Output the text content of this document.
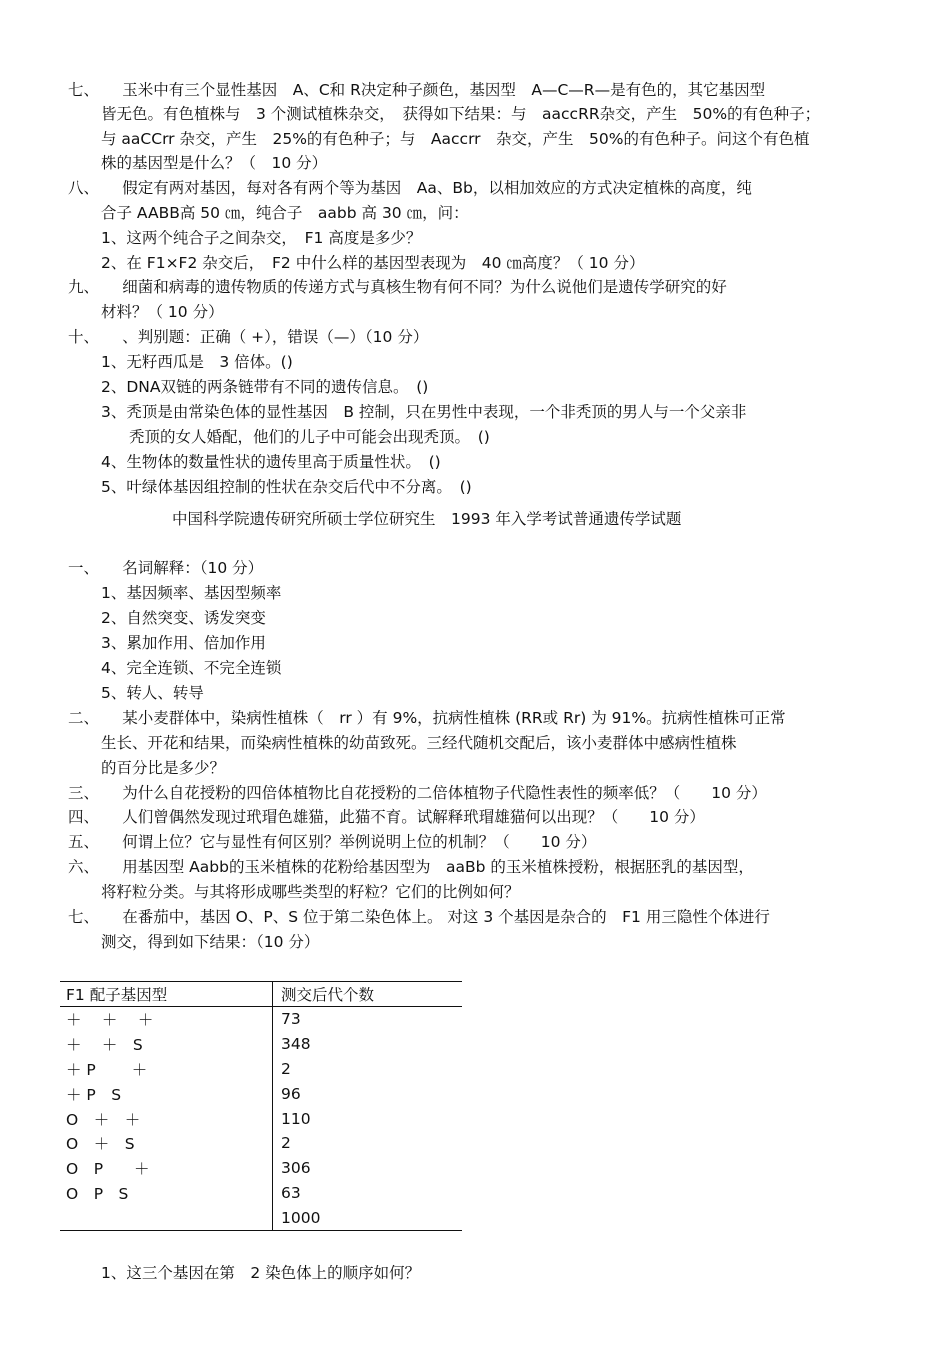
七、　　玉米中有三个显性基因　A、C和 R决定种子颜色，基因型　A—C—R—是有色的，其它基因型
皆无色。有色植株与　3 个测试植株杂交，　获得如下结果：与　aaccRR杂交，产生　50%的有色种子；
与 aaCCrr 杂交，产生　25%的有色种子；与　Aaccrr　杂交，产生　50%的有色种子。问这个有色植
株的基因型是什么？（　10 分）
八、　　假定有两对基因，每对各有两个等为基因　Aa、Bb，以相加效应的方式决定植株的高度，纯
合子 AABB高 50 ㎝，纯合子　aabb 高 30 ㎝，问：
1、这两个纯合子之间杂交，　F1 高度是多少？
2、在 F1×F2 杂交后，　F2 中什么样的基因型表现为　40 ㎝高度？（ 10 分）
九、　　细菌和病毒的遗传物质的传递方式与真核生物有何不同？为什么说他们是遗传学研究的好
材料？（ 10 分）
十、　　、判别题：正确（ +），错误（—）（10 分）
1、无籽西瓜是　3 倍体。()
2、DNA双链的两条链带有不同的遗传信息。　()
3、秃顶是由常染色体的显性基因　B 控制，只在男性中表现，一个非秃顶的男人与一个父亲非
秃顶的女人婚配，他们的儿子中可能会出现秃顶。　()
4、生物体的数量性状的遗传里高于质量性状。　()
5、叶绿体基因组控制的性状在杂交后代中不分离。　()
中国科学院遗传研究所硕士学位研究生　1993 年入学考试普通遗传学试题
一、　　名词解释：（10 分）
1、基因频率、基因型频率
2、自然突变、诱发突变
3、累加作用、倍加作用
4、完全连锁、不完全连锁
5、转人、转导
二、　　某小麦群体中，染病性植株（　rr ）有 9%，抗病性植株 (RR或 Rr) 为 91%。抗病性植株可正常
生长、开花和结果，而染病性植株的幼苗致死。三经代随机交配后，该小麦群体中感病性植株
的百分比是多少？
三、　　为什么自花授粉的四倍体植物比自花授粉的二倍体植物子代隐性表性的频率低？（　　10 分）
四、　　人们曾偶然发现过玳瑁色雄猫，此猫不育。试解释玳瑁雄猫何以出现？（　　10 分）
五、　　何谓上位？它与显性有何区别？举例说明上位的机制？（　　10 分）
六、　　用基因型 Aabb的玉米植株的花粉给基因型为　aaBb 的玉米植株授粉，根据胚乳的基因型，
将籽粒分类。与其将形成哪些类型的籽粒？它们的比例如何？
七、　　在番茄中，基因 O、P、S 位于第二染色体上。 对这 3 个基因是杂合的　F1 用三隐性个体进行
测交，得到如下结果：（10 分）
1、这三个基因在第　2 染色体上的顺序如何？
F1 配子基因型	测交后代个数
＋　 ＋　 ＋	73
＋　 ＋　S	348
＋ P　　 ＋	2
＋ P　S	96
O　＋　＋	110
O　＋　S	2
O　P　　＋	306
O　P　S	63
	1000
